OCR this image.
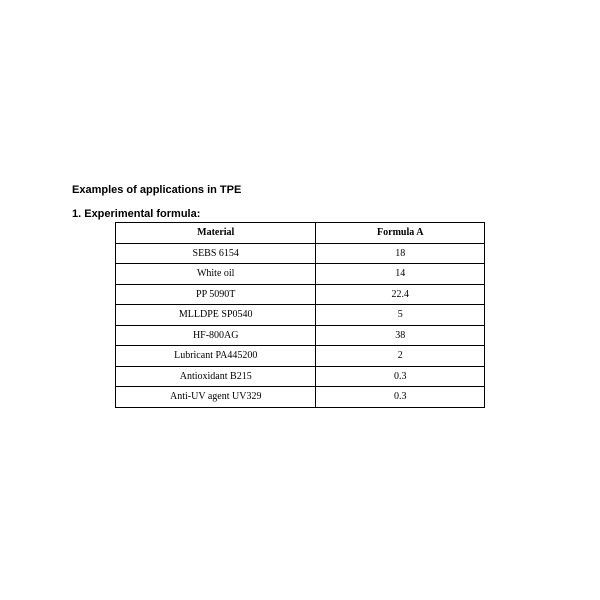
Examples of applications in TPE
1. Experimental formula:
Material	Formula A
SEBS 6154	18
White oil	14
PP 5090T	22.4
MLLDPE SP0540	5
HF-800AG	38
Lubricant PA445200	2
Antioxidant B215	0.3
Anti-UV agent UV329	0.3
